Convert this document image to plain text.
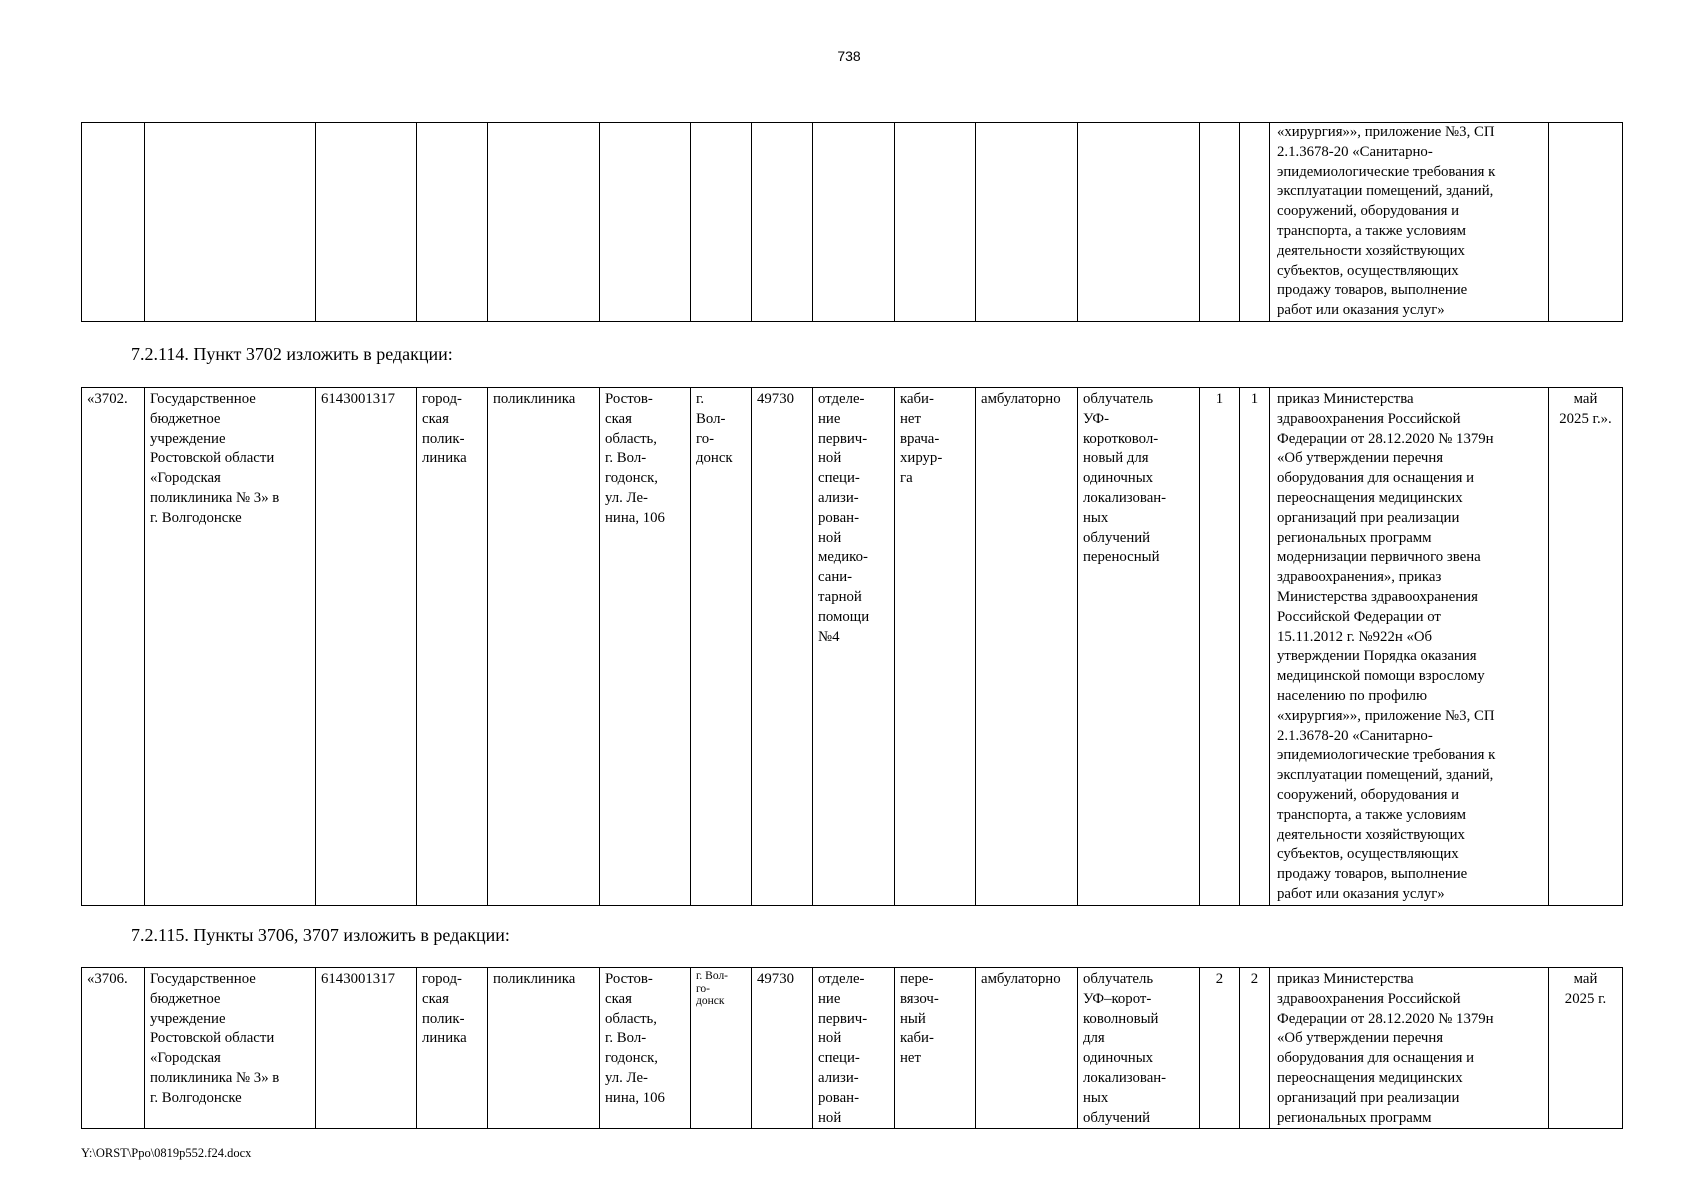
738
														«хирургия»», приложение №3, СП
2.1.3678-20 «Санитарно-
эпидемиологические требования к
эксплуатации помещений, зданий,
сооружений, оборудования и
транспорта, а также условиям
деятельности хозяйствующих
субъектов, осуществляющих
продажу товаров, выполнение
работ или оказания услуг»	
7.2.114. Пункт 3702 изложить в редакции:
«3702.	Государственное
бюджетное
учреждение
Ростовской области
«Городская
поликлиника № 3» в
г. Волгодонске	6143001317	город-
ская
полик-
линика	поликлиника	Ростов-
ская
область,
г. Вол-
годонск,
ул. Ле-
нина, 106	г.
Вол-
го-
донск	49730	отделе-
ние
первич-
ной
специ-
ализи-
рован-
ной
медико-
сани-
тарной
помощи
№4	каби-
нет
врача-
хирур-
га	амбулаторно	облучатель
УФ-
коротковол-
новый для
одиночных
локализован-
ных
облучений
переносный	1	1	приказ Министерства
здравоохранения Российской
Федерации от 28.12.2020 № 1379н
«Об утверждении перечня
оборудования для оснащения и
переоснащения медицинских
организаций при реализации
региональных программ
модернизации первичного звена
здравоохранения», приказ
Министерства здравоохранения
Российской Федерации от
15.11.2012 г. №922н «Об
утверждении Порядка оказания
медицинской помощи взрослому
населению по профилю
«хирургия»», приложение №3, СП
2.1.3678-20 «Санитарно-
эпидемиологические требования к
эксплуатации помещений, зданий,
сооружений, оборудования и
транспорта, а также условиям
деятельности хозяйствующих
субъектов, осуществляющих
продажу товаров, выполнение
работ или оказания услуг»	май
2025 г.».
7.2.115. Пункты 3706, 3707 изложить в редакции:
«3706.	Государственное
бюджетное
учреждение
Ростовской области
«Городская
поликлиника № 3» в
г. Волгодонске	6143001317	город-
ская
полик-
линика	поликлиника	Ростов-
ская
область,
г. Вол-
годонск,
ул. Ле-
нина, 106	г. Вол-
го-
донск	49730	отделе-
ние
первич-
ной
специ-
ализи-
рован-
ной	пере-
вязоч-
ный
каби-
нет	амбулаторно	облучатель
УФ–корот-
коволновый
для
одиночных
локализован-
ных
облучений	2	2	приказ Министерства
здравоохранения Российской
Федерации от 28.12.2020 № 1379н
«Об утверждении перечня
оборудования для оснащения и
переоснащения медицинских
организаций при реализации
региональных программ	май
2025 г.
Y:\ORST\Ppo\0819p552.f24.docx
